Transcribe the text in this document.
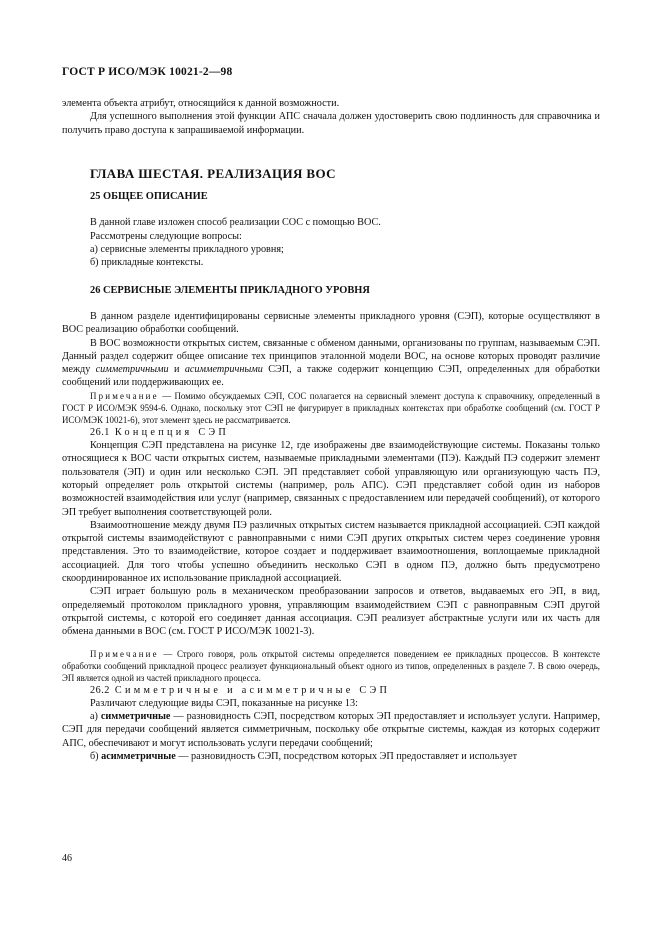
ГОСТ Р ИСО/МЭК 10021-2—98

элемента объекта атрибут, относящийся к данной возможности.

Для успешного выполнения этой функции АПС сначала должен удостоверить свою подлинность для справочника и получить право доступа к запрашиваемой информации.

ГЛАВА ШЕСТАЯ. РЕАЛИЗАЦИЯ ВОС
25 ОБЩЕЕ ОПИСАНИЕ

В данной главе изложен способ реализации СОС с помощью ВОС.

Рассмотрены следующие вопросы:

а) сервисные элементы прикладного уровня;

б) прикладные контексты.

26 СЕРВИСНЫЕ ЭЛЕМЕНТЫ ПРИКЛАДНОГО УРОВНЯ

В данном разделе идентифицированы сервисные элементы прикладного уровня (СЭП), которые осуществляют в ВОС реализацию обработки сообщений.

В ВОС возможности открытых систем, связанные с обменом данными, организованы по группам, называемым СЭП. Данный раздел содержит общее описание тех принципов эталонной модели ВОС, на основе которых проводят различие между симметричными и асимметричными СЭП, а также содержит концепцию СЭП, определенных для обработки сообщений или поддерживающих ее.

Примечание — Помимо обсуждаемых СЭП, СОС полагается на сервисный элемент доступа к справочнику, определенный в ГОСТ Р ИСО/МЭК 9594-6. Однако, поскольку этот СЭП не фигурирует в прикладных контекстах при обработке сообщений (см. ГОСТ Р ИСО/МЭК 10021-6), этот элемент здесь не рассматривается.

26.1 Концепция СЭП

Концепция СЭП представлена на рисунке 12, где изображены две взаимодействующие системы. Показаны только относящиеся к ВОС части открытых систем, называемые прикладными элементами (ПЭ). Каждый ПЭ содержит элемент пользователя (ЭП) и один или несколько СЭП. ЭП представляет собой управляющую или организующую часть ПЭ, который определяет роль открытой системы (например, роль АПС). СЭП представляет собой один из наборов возможностей взаимодействия или услуг (например, связанных с предоставлением или передачей сообщений), от которого ЭП требует выполнения соответствующей роли.

Взаимоотношение между двумя ПЭ различных открытых систем называется прикладной ассоциацией. СЭП каждой открытой системы взаимодействуют с равноправными с ними СЭП других открытых систем через соединение уровня представления. Это то взаимодействие, которое создает и поддерживает взаимоотношения, воплощаемые прикладной ассоциацией. Для того чтобы успешно объединить несколько СЭП в одном ПЭ, должно быть предусмотрено скоординированное их использование прикладной ассоциацией.

СЭП играет большую роль в механическом преобразовании запросов и ответов, выдаваемых его ЭП, в вид, определяемый протоколом прикладного уровня, управляющим взаимодействием СЭП с равноправным СЭП другой открытой системы, с которой его соединяет данная ассоциация. СЭП реализует абстрактные услуги или их часть для обмена данными в ВОС (см. ГОСТ Р ИСО/МЭК 10021-3).

Примечание — Строго говоря, роль открытой системы определяется поведением ее прикладных процессов. В контексте обработки сообщений прикладной процесс реализует функциональный объект одного из типов, определенных в разделе 7. В свою очередь, ЭП является одной из частей прикладного процесса.

26.2 Симметричные и асимметричные СЭП

Различают следующие виды СЭП, показанные на рисунке 13:

а) симметричные — разновидность СЭП, посредством которых ЭП предоставляет и использует услуги. Например, СЭП для передачи сообщений является симметричным, поскольку обе открытые системы, каждая из которых содержит АПС, обеспечивают и могут использовать услуги передачи сообщений;

б) асимметричные — разновидность СЭП, посредством которых ЭП предоставляет и использует

46
